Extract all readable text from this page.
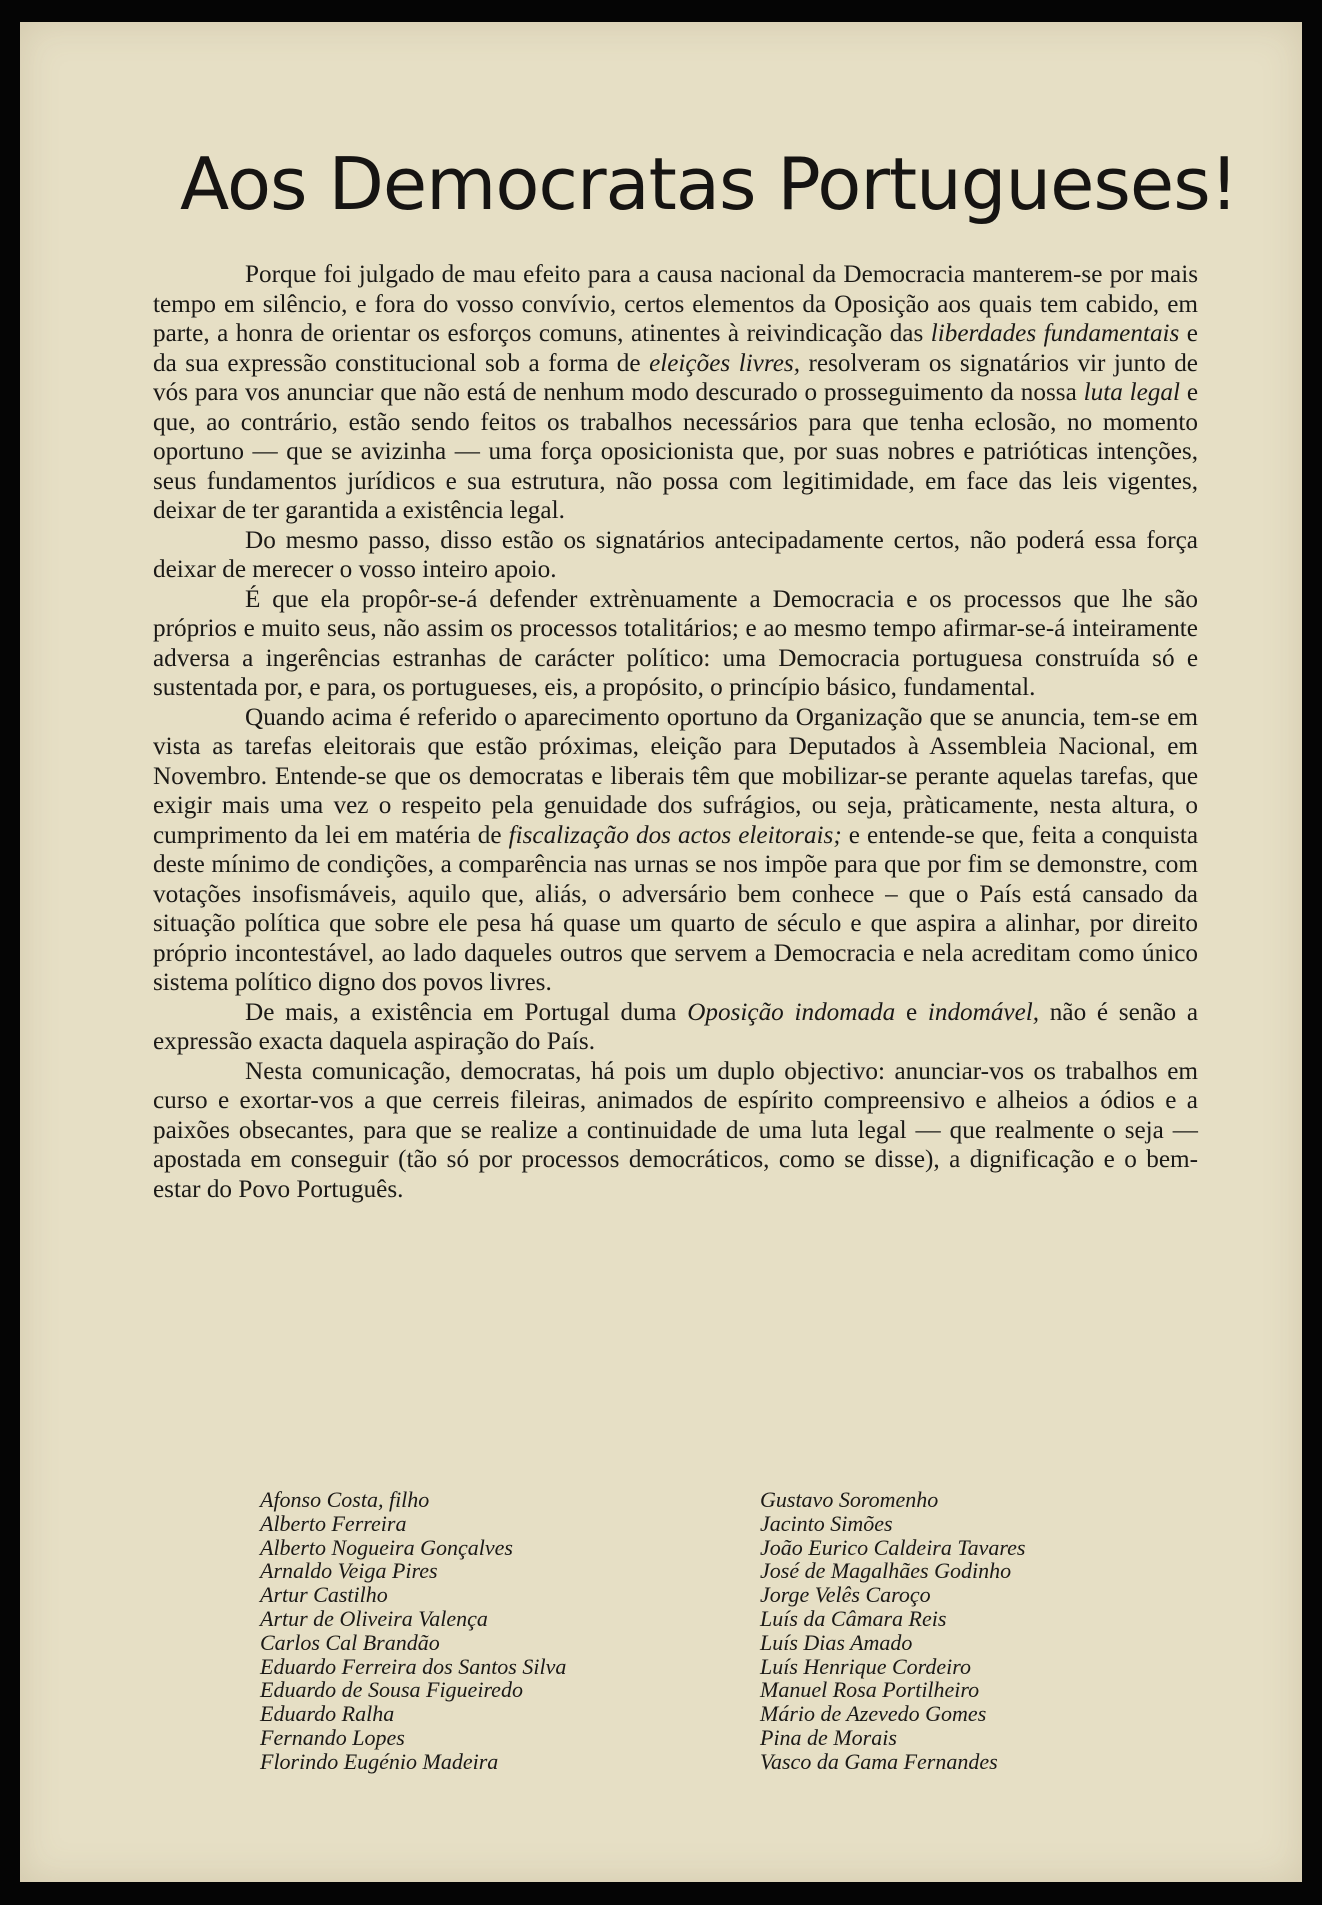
Aos Democratas Portugueses!

Porque foi julgado de mau efeito para a causa nacional da Democracia manterem-se por mais tempo em silêncio, e fora do vosso convívio, certos elementos da Oposição aos quais tem cabido, em parte, a honra de orientar os esforços comuns, atinentes à reivindicação das liberdades fundamentais e da sua expressão constitucional sob a forma de eleições livres, resolveram os signatários vir junto de vós para vos anunciar que não está de nenhum modo descurado o prosseguimento da nossa luta legal e que, ao contrário, estão sendo feitos os trabalhos necessários para que tenha eclosão, no momento oportuno — que se avizinha — uma força oposicionista que, por suas nobres e patrióticas intenções, seus fundamentos jurídicos e sua estrutura, não possa com legitimidade, em face das leis vigentes, deixar de ter garantida a existência legal.

Do mesmo passo, disso estão os signatários antecipadamente certos, não poderá essa força deixar de merecer o vosso inteiro apoio.

É que ela propôr-se-á defender extrènuamente a Democracia e os processos que lhe são próprios e muito seus, não assim os processos totalitários; e ao mesmo tempo afirmar-se-á inteiramente adversa a ingerências estranhas de carácter político: uma Democracia portuguesa construída só e sustentada por, e para, os portugueses, eis, a propósito, o princípio básico, fundamental.

Quando acima é referido o aparecimento oportuno da Organização que se anuncia, tem-se em vista as tarefas eleitorais que estão próximas, eleição para Deputados à Assembleia Nacional, em Novembro. Entende-se que os democratas e liberais têm que mobilizar-se perante aquelas tarefas, que exigir mais uma vez o respeito pela genuidade dos sufrágios, ou seja, pràticamente, nesta altura, o cumprimento da lei em matéria de fiscalização dos actos eleitorais; e entende-se que, feita a conquista deste mínimo de condições, a comparência nas urnas se nos impõe para que por fim se demonstre, com votações insofismáveis, aquilo que, aliás, o adversário bem conhece – que o País está cansado da situação política que sobre ele pesa há quase um quarto de século e que aspira a alinhar, por direito próprio incontestável, ao lado daqueles outros que servem a Democracia e nela acreditam como único sistema político digno dos povos livres.

De mais, a existência em Portugal duma Oposição indomada e indomável, não é senão a expressão exacta daquela aspiração do País.

Nesta comunicação, democratas, há pois um duplo objectivo: anunciar-vos os trabalhos em curso e exortar-vos a que cerreis fileiras, animados de espírito compreensivo e alheios a ódios e a paixões obsecantes, para que se realize a continuidade de uma luta legal — que realmente o seja — apostada em conseguir (tão só por processos democráticos, como se disse), a dignificação e o bem-estar do Povo Português.

Afonso Costa, filho
Alberto Ferreira
Alberto Nogueira Gonçalves
Arnaldo Veiga Pires
Artur Castilho
Artur de Oliveira Valença
Carlos Cal Brandão
Eduardo Ferreira dos Santos Silva
Eduardo de Sousa Figueiredo
Eduardo Ralha
Fernando Lopes
Florindo Eugénio Madeira
Gustavo Soromenho
Jacinto Simões
João Eurico Caldeira Tavares
José de Magalhães Godinho
Jorge Velês Caroço
Luís da Câmara Reis
Luís Dias Amado
Luís Henrique Cordeiro
Manuel Rosa Portilheiro
Mário de Azevedo Gomes
Pina de Morais
Vasco da Gama Fernandes
